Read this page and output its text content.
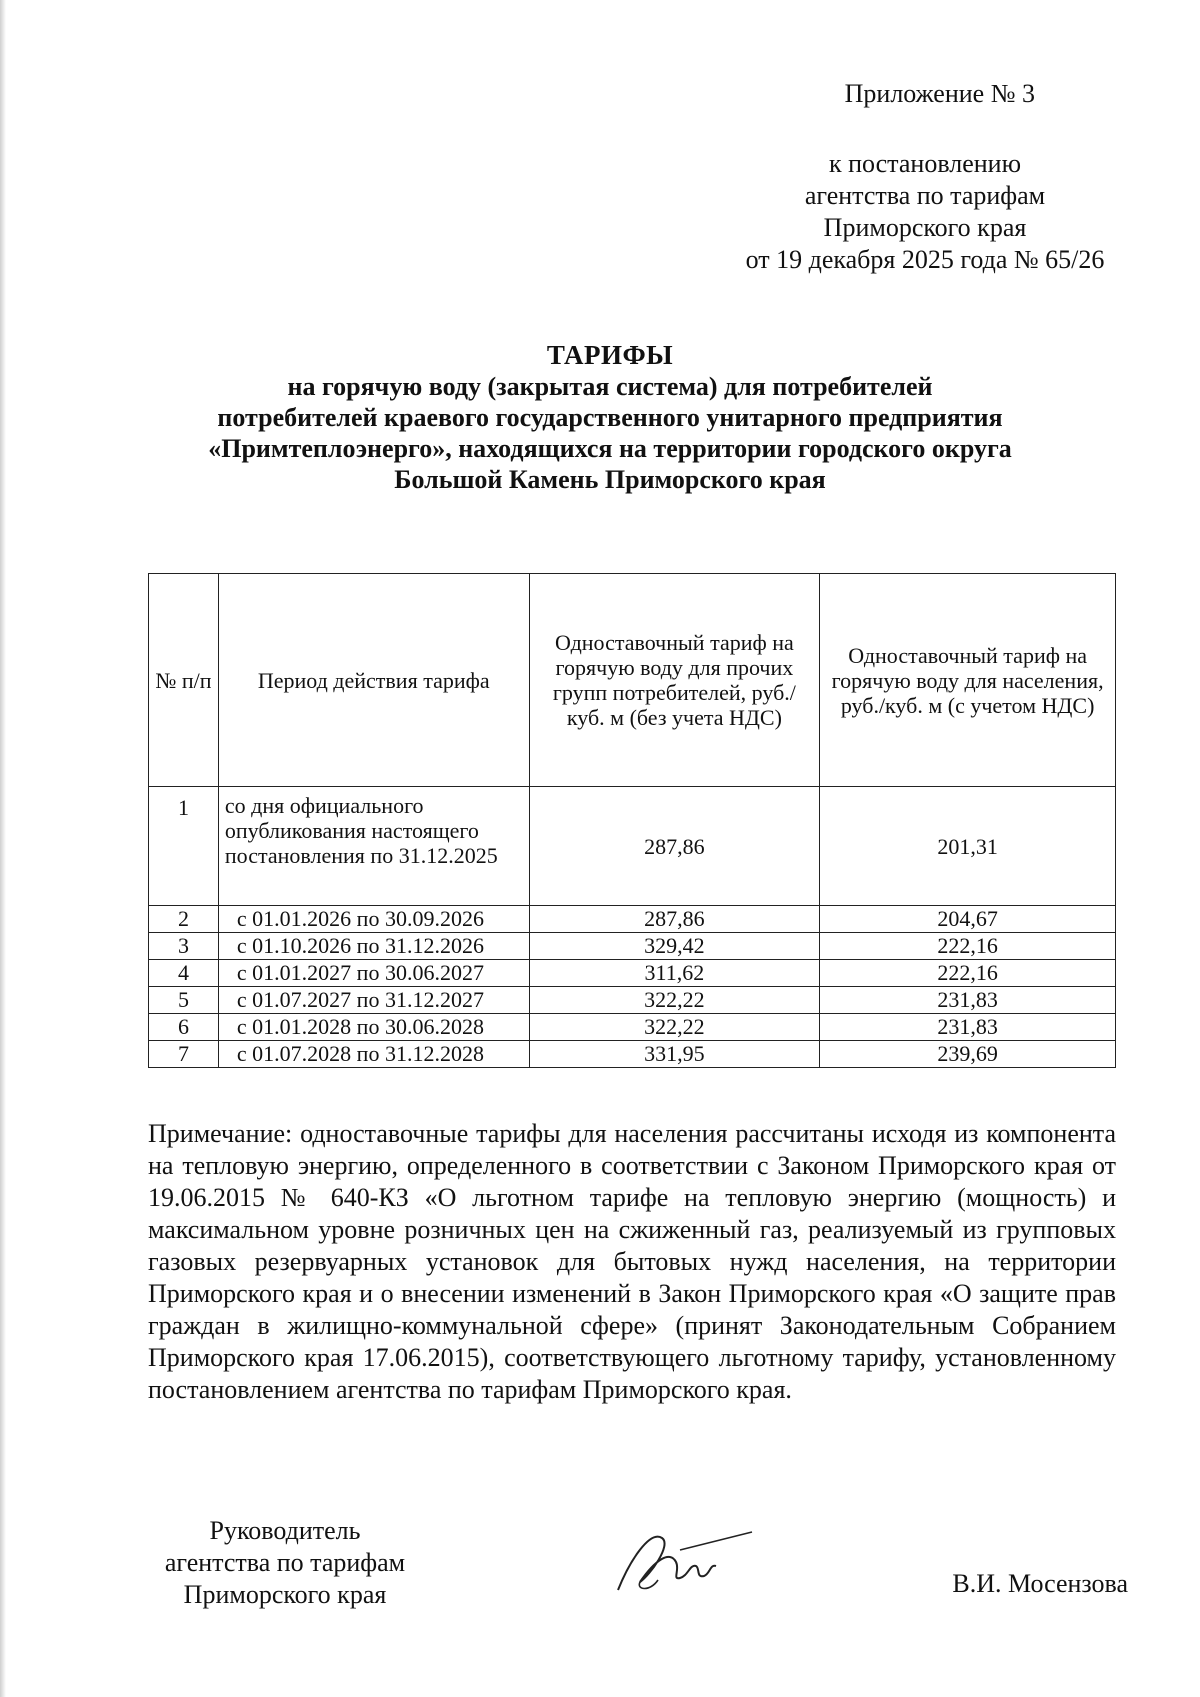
Приложение № 3
к постановлению
агентства по тарифам
Приморского края
от 19 декабря 2025 года № 65/26
ТАРИФЫ
на горячую воду (закрытая система) для потребителей
потребителей краевого государственного унитарного предприятия
«Примтеплоэнерго», находящихся на территории городского округа
Большой Камень Приморского края
№ п/п	Период действия тарифа	Одноставочный тариф на горячую воду для прочих групп потребителей, руб./куб. м (без учета НДС)	Одноставочный тариф на горячую воду для населения, руб./куб. м (с учетом НДС)
1	со дня официального опубликования настоящего постановления по 31.12.2025	287,86	201,31
2	с 01.01.2026 по 30.09.2026	287,86	204,67
3	с 01.10.2026 по 31.12.2026	329,42	222,16
4	с 01.01.2027 по 30.06.2027	311,62	222,16
5	с 01.07.2027 по 31.12.2027	322,22	231,83
6	с 01.01.2028 по 30.06.2028	322,22	231,83
7	с 01.07.2028 по 31.12.2028	331,95	239,69
Примечание: одноставочные тарифы для населения рассчитаны исходя из компонента на тепловую энергию, определенного в соответствии с Законом Приморского края от 19.06.2015 № 640-КЗ «О льготном тарифе на тепловую энергию (мощность) и максимальном уровне розничных цен на сжиженный газ, реализуемый из групповых газовых резервуарных установок для бытовых нужд населения, на территории Приморского края и о внесении изменений в Закон Приморского края «О защите прав граждан в жилищно-коммунальной сфере» (принят Законодательным Собранием Приморского края 17.06.2015), соответствующего льготному тарифу, установленному постановлением агентства по тарифам Приморского края.
Руководитель
агентства по тарифам
Приморского края	В.И. Мосензова
